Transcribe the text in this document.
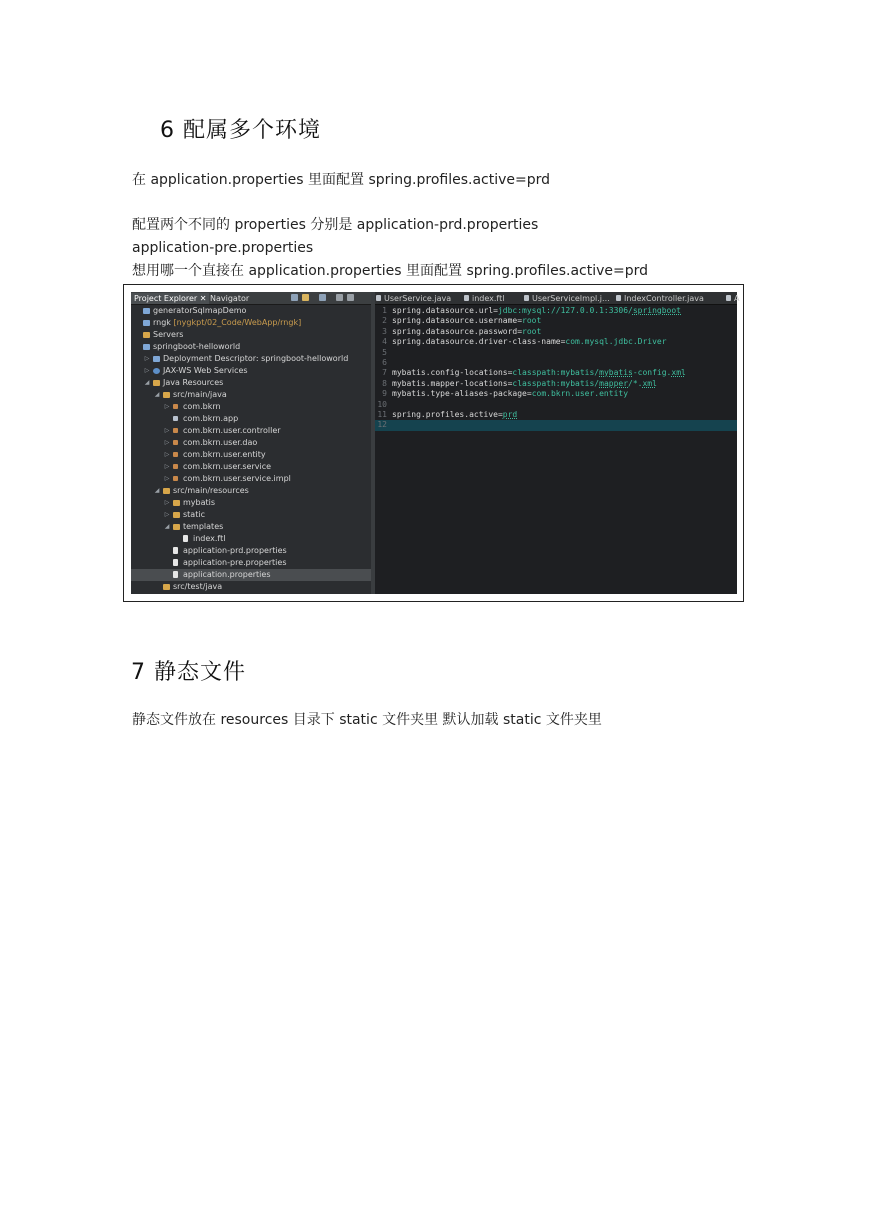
6 配属多个环境
在 application.properties 里面配置 spring.profiles.active=prd
配置两个不同的 properties 分别是 application-prd.properties
application-pre.properties
想用哪一个直接在 application.properties 里面配置 spring.profiles.active=prd
Project Explorer ✕ Navigator
generatorSqlmapDemo
rngk [nygkpt/02_Code/WebApp/rngk]
Servers
springboot-helloworld
▷ Deployment Descriptor: springboot-helloworld
▷ JAX-WS Web Services
◢ Java Resources
◢ src/main/java
▷ com.bkrn
com.bkrn.app
▷ com.bkrn.user.controller
▷ com.bkrn.user.dao
▷ com.bkrn.user.entity
▷ com.bkrn.user.service
▷ com.bkrn.user.service.impl
◢ src/main/resources
▷ mybatis
▷ static
◢ templates
index.ftl
application-prd.properties
application-pre.properties
application.properties
src/test/java
UserService.java	index.ftl	UserServiceImpl.j...	IndexController.java	A
1 spring.datasource.url=jdbc:mysql://127.0.0.1:3306/springboot
2 spring.datasource.username=root
3 spring.datasource.password=root
4 spring.datasource.driver-class-name=com.mysql.jdbc.Driver
5
6
7 mybatis.config-locations=classpath:mybatis/mybatis-config.xml
8 mybatis.mapper-locations=classpath:mybatis/mapper/*.xml
9 mybatis.type-aliases-package=com.bkrn.user.entity
10
11 spring.profiles.active=prd
12
7 静态文件
静态文件放在 resources 目录下 static 文件夹里 默认加载 static 文件夹里
